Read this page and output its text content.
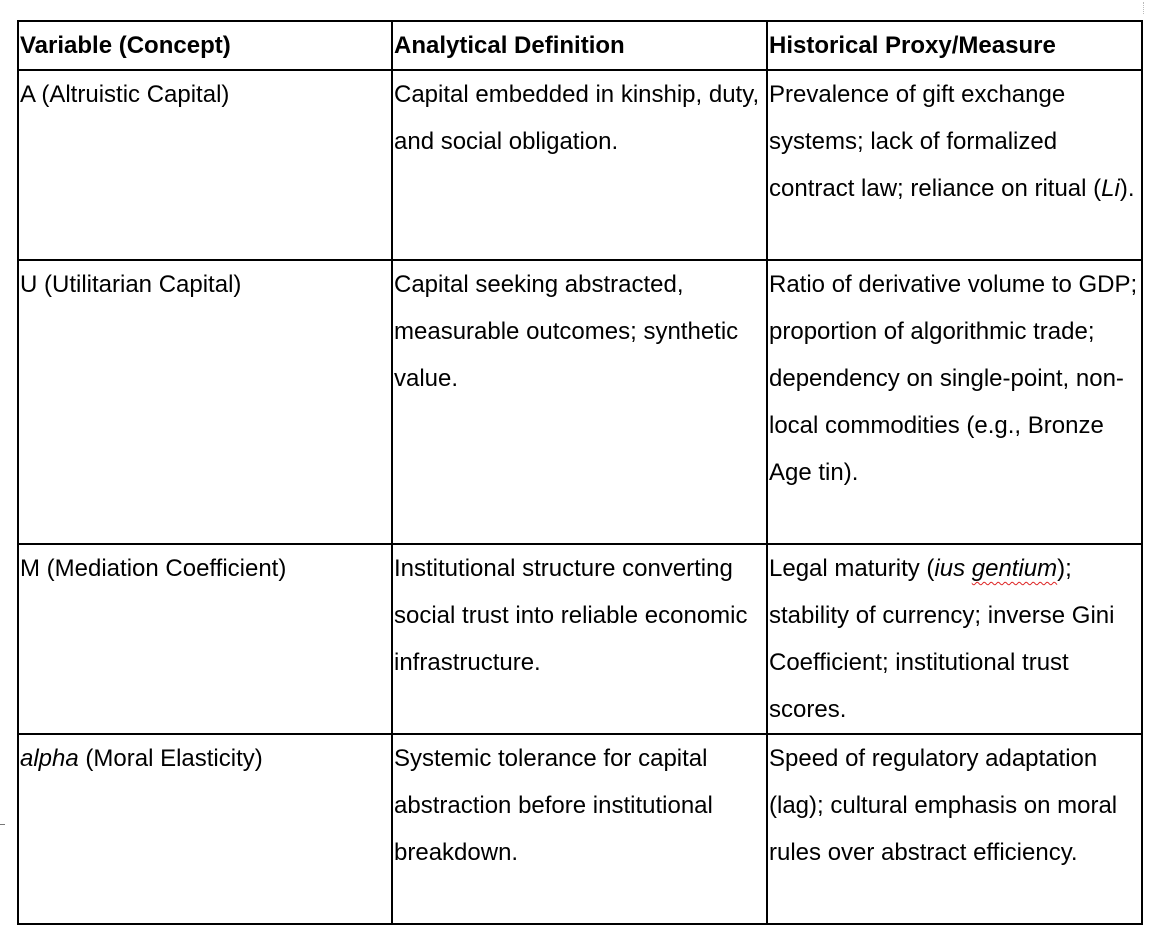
Variable (Concept)	Analytical Definition	Historical Proxy/Measure
A (Altruistic Capital)	Capital embedded in kinship, duty, and social obligation.	Prevalence of gift exchange systems; lack of formalized contract law; reliance on ritual (Li).
U (Utilitarian Capital)	Capital seeking abstracted, measurable outcomes; synthetic value.	Ratio of derivative volume to GDP; proportion of algorithmic trade; dependency on single-point, non-local commodities (e.g., Bronze Age tin).
M (Mediation Coefficient)	Institutional structure converting social trust into reliable economic infrastructure.	Legal maturity (ius gentium); stability of currency; inverse Gini Coefficient; institutional trust scores.
alpha (Moral Elasticity)	Systemic tolerance for capital abstraction before institutional breakdown.	Speed of regulatory adaptation (lag); cultural emphasis on moral rules over abstract efficiency.
